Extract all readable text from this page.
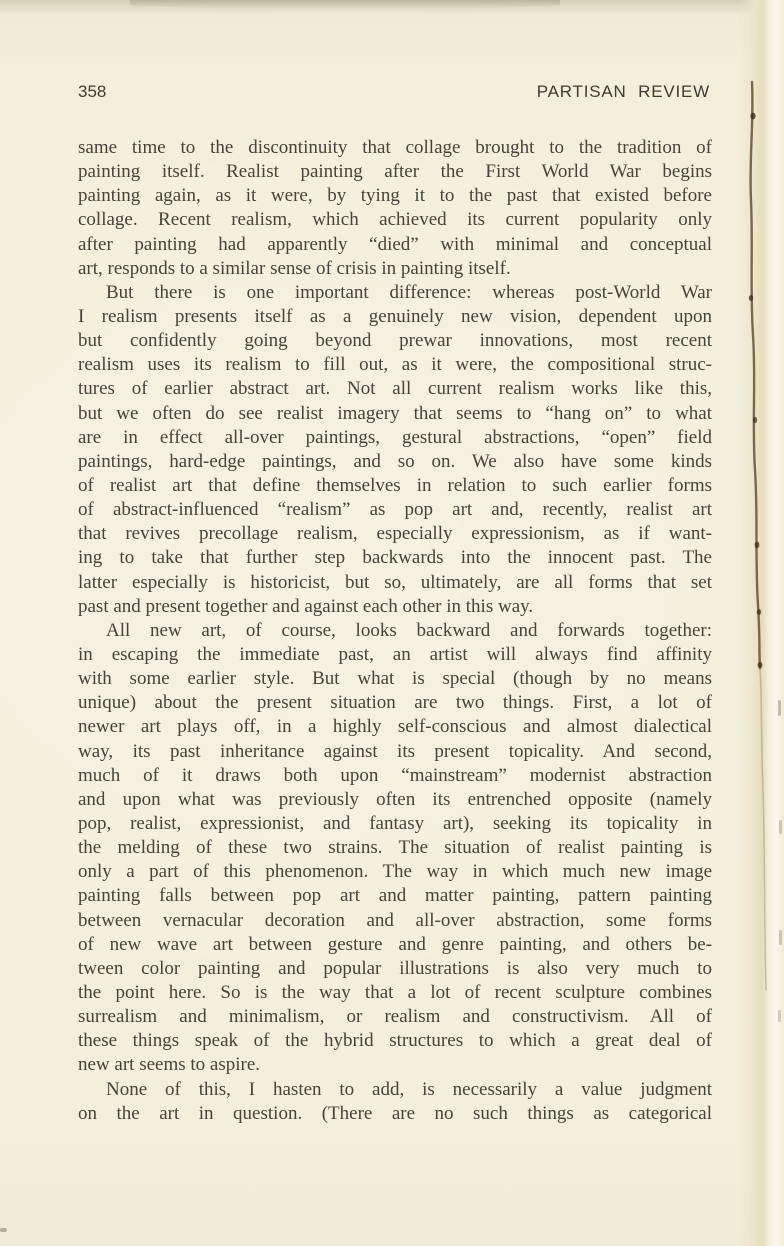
358	PARTISAN REVIEW
same time to the discontinuity that collage brought to the tradition of
painting itself. Realist painting after the First World War begins
painting again, as it were, by tying it to the past that existed before
collage. Recent realism, which achieved its current popularity only
after painting had apparently “died” with minimal and conceptual
art, responds to a similar sense of crisis in painting itself.
But there is one important difference: whereas post-World War
I realism presents itself as a genuinely new vision, dependent upon
but confidently going beyond prewar innovations, most recent
realism uses its realism to fill out, as it were, the compositional struc-
tures of earlier abstract art. Not all current realism works like this,
but we often do see realist imagery that seems to “hang on” to what
are in effect all-over paintings, gestural abstractions, “open” field
paintings, hard-edge paintings, and so on. We also have some kinds
of realist art that define themselves in relation to such earlier forms
of abstract-influenced “realism” as pop art and, recently, realist art
that revives precollage realism, especially expressionism, as if want-
ing to take that further step backwards into the innocent past. The
latter especially is historicist, but so, ultimately, are all forms that set
past and present together and against each other in this way.
All new art, of course, looks backward and forwards together:
in escaping the immediate past, an artist will always find affinity
with some earlier style. But what is special (though by no means
unique) about the present situation are two things. First, a lot of
newer art plays off, in a highly self-conscious and almost dialectical
way, its past inheritance against its present topicality. And second,
much of it draws both upon “mainstream” modernist abstraction
and upon what was previously often its entrenched opposite (namely
pop, realist, expressionist, and fantasy art), seeking its topicality in
the melding of these two strains. The situation of realist painting is
only a part of this phenomenon. The way in which much new image
painting falls between pop art and matter painting, pattern painting
between vernacular decoration and all-over abstraction, some forms
of new wave art between gesture and genre painting, and others be-
tween color painting and popular illustrations is also very much to
the point here. So is the way that a lot of recent sculpture combines
surrealism and minimalism, or realism and constructivism. All of
these things speak of the hybrid structures to which a great deal of
new art seems to aspire.
None of this, I hasten to add, is necessarily a value judgment
on the art in question. (There are no such things as categorical
